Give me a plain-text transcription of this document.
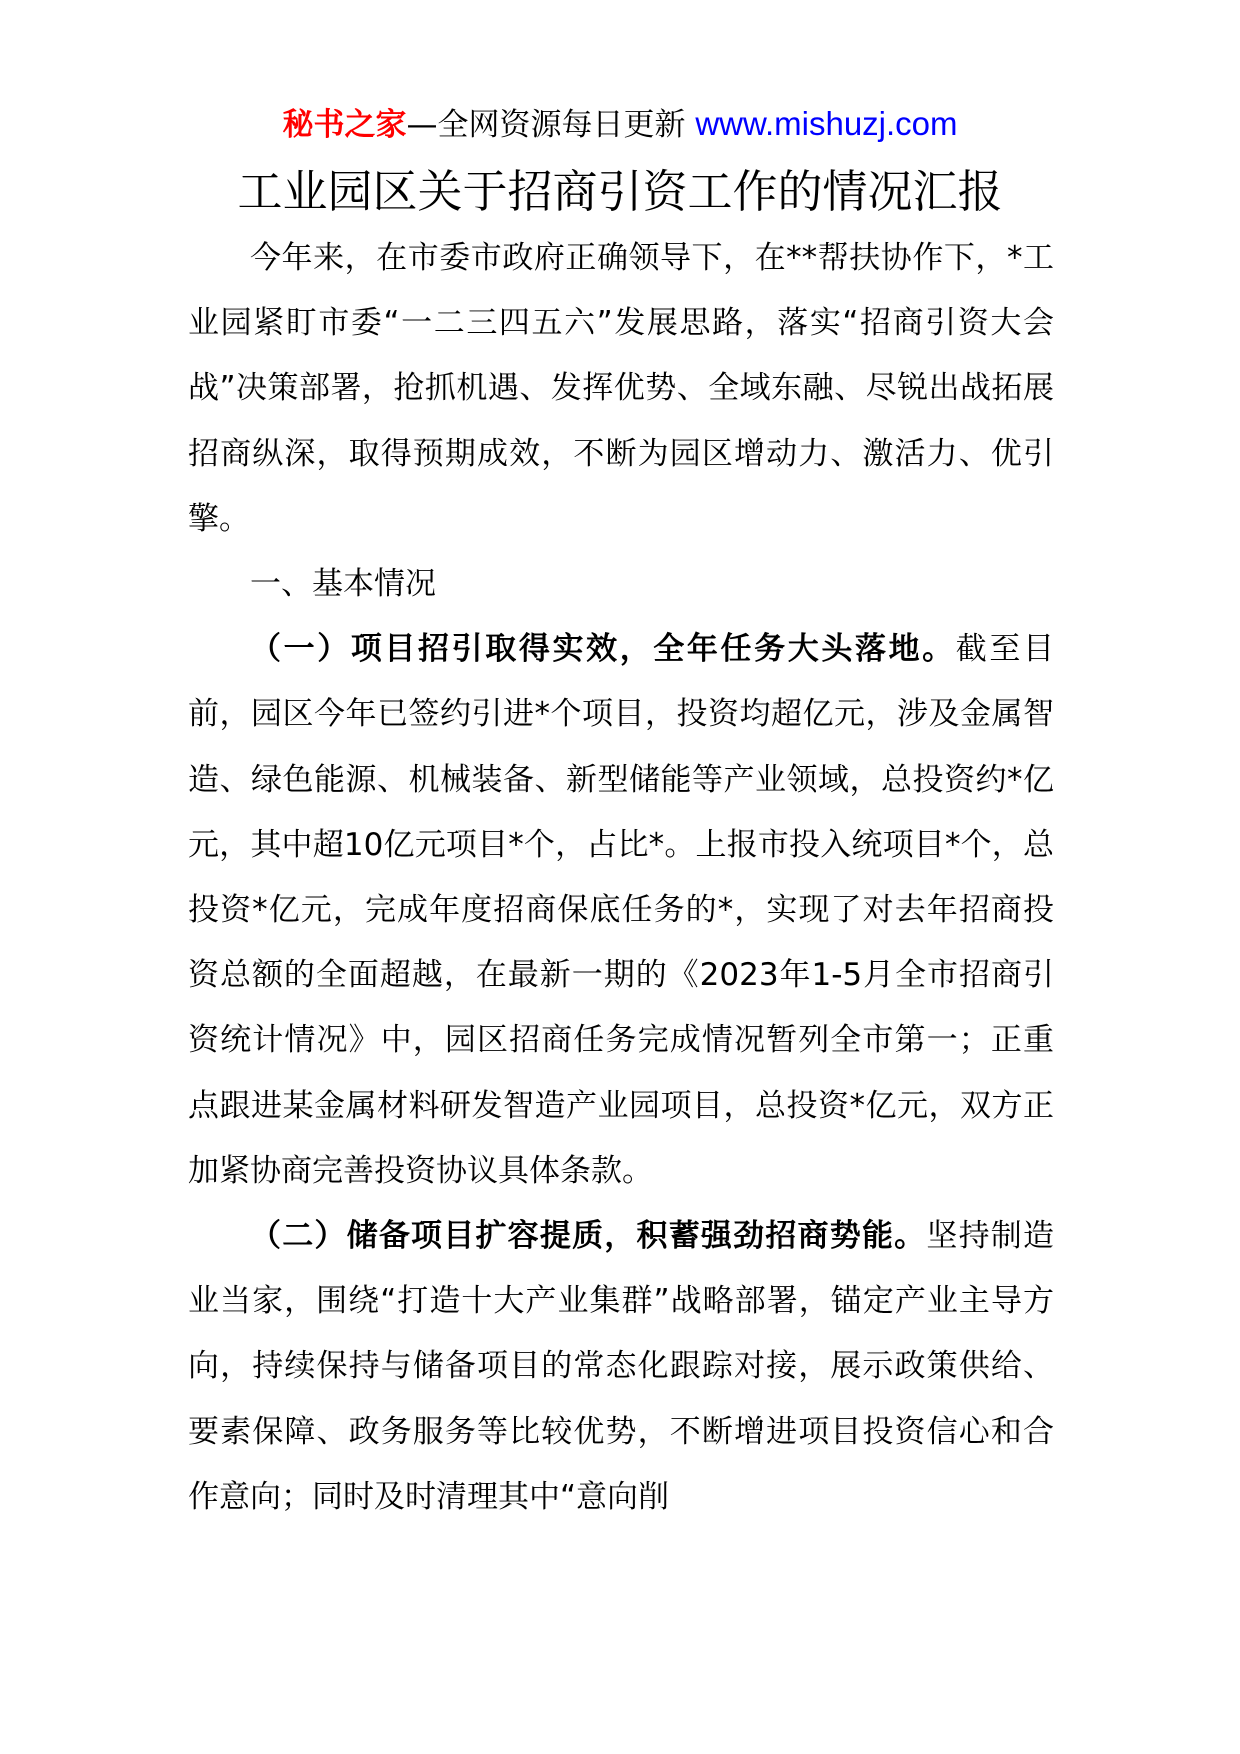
秘书之家—全网资源每日更新 www.mishuzj.com
工业园区关于招商引资工作的情况汇报

今年来，在市委市政府正确领导下，在**帮扶协作下，*工业园紧盯市委“一二三四五六”发展思路，落实“招商引资大会战”决策部署，抢抓机遇、发挥优势、全域东融、尽锐出战拓展招商纵深，取得预期成效，不断为园区增动力、激活力、优引擎。

一、基本情况

（一）项目招引取得实效，全年任务大头落地。截至目前，园区今年已签约引进*个项目，投资均超亿元，涉及金属智造、绿色能源、机械装备、新型储能等产业领域，总投资约*亿元，其中超10亿元项目*个，占比*。上报市投入统项目*个，总投资*亿元，完成年度招商保底任务的*，实现了对去年招商投资总额的全面超越，在最新一期的《2023年1-5月全市招商引资统计情况》中，园区招商任务完成情况暂列全市第一；正重点跟进某金属材料研发智造产业园项目，总投资*亿元，双方正加紧协商完善投资协议具体条款。

（二）储备项目扩容提质，积蓄强劲招商势能。坚持制造业当家，围绕“打造十大产业集群”战略部署，锚定产业主导方向，持续保持与储备项目的常态化跟踪对接，展示政策供给、要素保障、政务服务等比较优势，不断增进项目投资信心和合作意向；同时及时清理其中“意向削
